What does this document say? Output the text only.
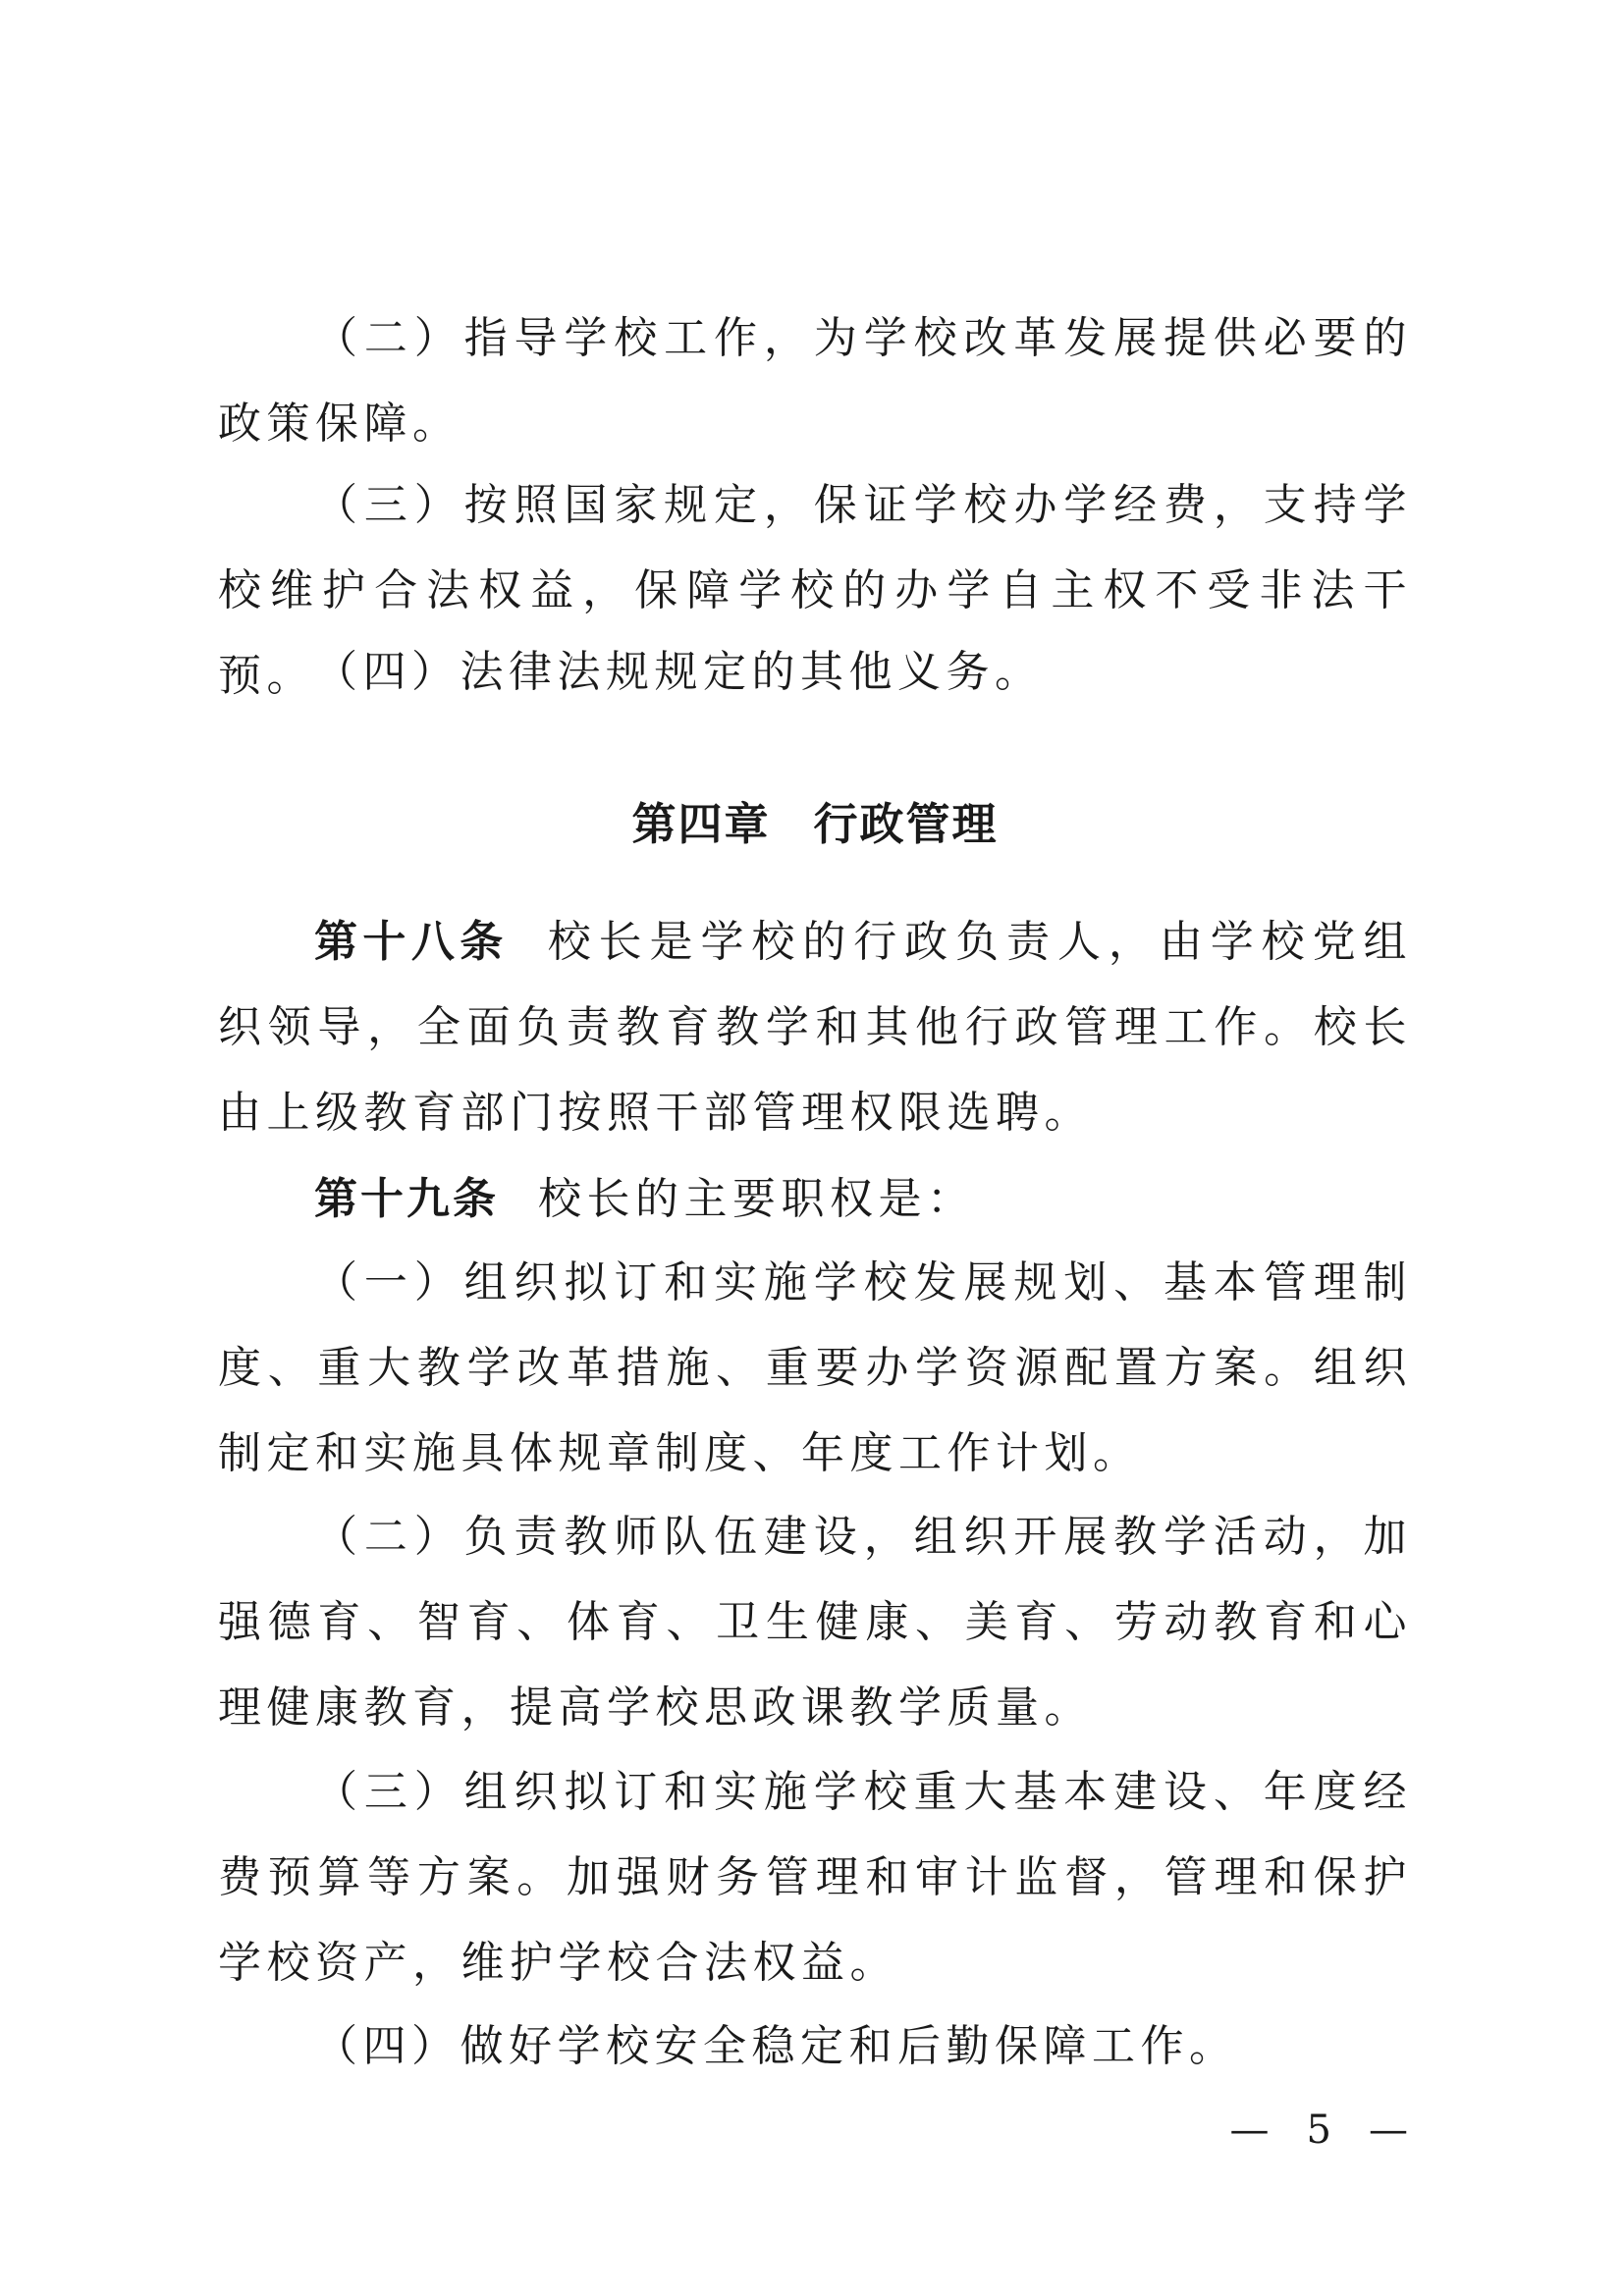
（二）指导学校工作，为学校改革发展提供必要的政策保障。

（三）按照国家规定，保证学校办学经费，支持学校维护合法权益，保障学校的办学自主权不受非法干预。 （四）法律法规规定的其他义务。

第四章 行政管理

第十八条 校长是学校的行政负责人，由学校党组织领导，全面负责教育教学和其他行政管理工作。校长由上级教育部门按照干部管理权限选聘。

第十九条 校长的主要职权是：

（一）组织拟订和实施学校发展规划、基本管理制度、重大教学改革措施、重要办学资源配置方案。组织制定和实施具体规章制度、年度工作计划。

（二）负责教师队伍建设，组织开展教学活动，加强德育、智育、体育、卫生健康、美育、劳动教育和心理健康教育，提高学校思政课教学质量。

（三）组织拟订和实施学校重大基本建设、年度经费预算等方案。加强财务管理和审计监督，管理和保护学校资产，维护学校合法权益。

（四）做好学校安全稳定和后勤保障工作。

— 5 —
